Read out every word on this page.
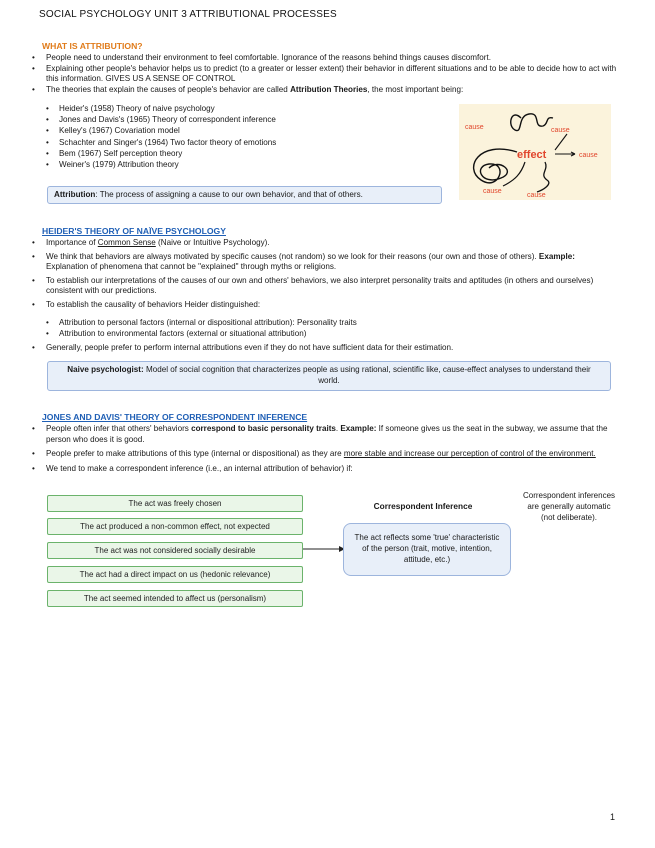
SOCIAL PSYCHOLOGY UNIT 3 ATTRIBUTIONAL PROCESSES
WHAT IS ATTRIBUTION?
• People need to understand their environment to feel comfortable. Ignorance of the reasons behind things causes discomfort.
• Explaining other people's behavior helps us to predict (to a greater or lesser extent) their behavior in different situations and to be able to decide how to act with this information. GIVES US A SENSE OF CONTROL
• The theories that explain the causes of people's behavior are called Attribution Theories, the most important being:
• Heider's (1958) Theory of naive psychology
• Jones and Davis's (1965) Theory of correspondent inference
• Kelley's (1967) Covariation model
• Schachter and Singer's (1964) Two factor theory of emotions
• Bem (1967) Self perception theory
• Weiner's (1979) Attribution theory
Attribution: The process of assigning a cause to our own behavior, and that of others.
cause	cause
cause
cause
cause
effect
HEIDER'S THEORY OF NAÏVE PSYCHOLOGY
• Importance of Common Sense (Naive or Intuitive Psychology).
• We think that behaviors are always motivated by specific causes (not random) so we look for their reasons (our own and those of others). Example: Explanation of phenomena that cannot be "explained" through myths or religions.
• To establish our interpretations of the causes of our own and others' behaviors, we also interpret personality traits and aptitudes (in others and ourselves) consistent with our predictions.
• To establish the causality of behaviors Heider distinguished:
• Attribution to personal factors (internal or dispositional attribution): Personality traits
• Attribution to environmental factors (external or situational attribution)
• Generally, people prefer to perform internal attributions even if they do not have sufficient data for their estimation.
Naive psychologist: Model of social cognition that characterizes people as using rational, scientific like, cause-effect analyses to understand their world.
JONES AND DAVIS' THEORY OF CORRESPONDENT INFERENCE
• People often infer that others' behaviors correspond to basic personality traits. Example: If someone gives us the seat in the subway, we assume that the person who does it is good.
• People prefer to make attributions of this type (internal or dispositional) as they are more stable and increase our perception of control of the environment.
• We tend to make a correspondent inference (i.e., an internal attribution of behavior) if:
The act was freely chosen
The act produced a non-common effect, not expected
The act was not considered socially desirable
The act had a direct impact on us (hedonic relevance)
The act seemed intended to affect us (personalism)
Correspondent Inference
The act reflects some 'true' characteristic of the person (trait, motive, intention, attitude, etc.)
Correspondent inferences are generally automatic (not deliberate).
1
